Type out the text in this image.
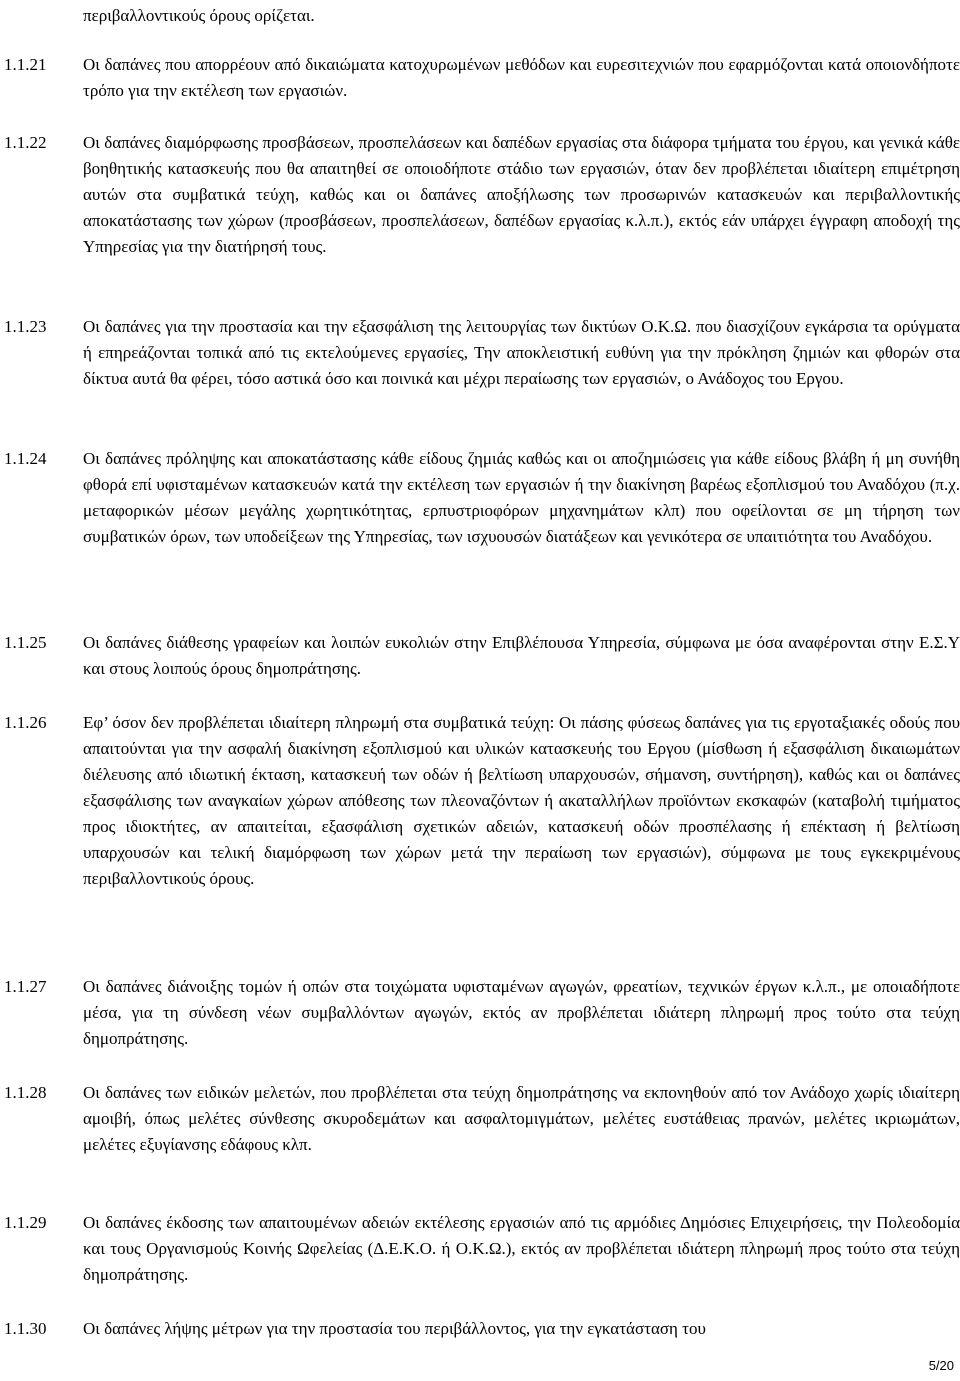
περιβαλλοντικούς όρους ορίζεται.
1.1.21	Οι δαπάνες που απορρέουν από δικαιώματα κατοχυρωμένων μεθόδων και ευρεσιτεχνιών που εφαρμόζονται κατά οποιονδήποτε τρόπο για την εκτέλεση των εργασιών.
1.1.22	Οι δαπάνες διαμόρφωσης προσβάσεων, προσπελάσεων και δαπέδων εργασίας στα διάφορα τμήματα του έργου, και γενικά κάθε βοηθητικής κατασκευής που θα απαιτηθεί σε οποιοδήποτε στάδιο των εργασιών, όταν δεν προβλέπεται ιδιαίτερη επιμέτρηση αυτών στα συμβατικά τεύχη, καθώς και οι δαπάνες αποξήλωσης των προσωρινών κατασκευών και περιβαλλοντικής αποκατάστασης των χώρων (προσβάσεων, προσπελάσεων, δαπέδων εργασίας κ.λ.π.), εκτός εάν υπάρχει έγγραφη αποδοχή της Υπηρεσίας για την διατήρησή τους.
1.1.23	Οι δαπάνες για την προστασία και την εξασφάλιση της λειτουργίας των δικτύων Ο.Κ.Ω. που διασχίζουν εγκάρσια τα ορύγματα ή επηρεάζονται τοπικά από τις εκτελούμενες εργασίες, Την αποκλειστική ευθύνη για την πρόκληση ζημιών και φθορών στα δίκτυα αυτά θα φέρει, τόσο αστικά όσο και ποινικά και μέχρι περαίωσης των εργασιών, ο Ανάδοχος του Εργου.
1.1.24	Οι δαπάνες πρόληψης και αποκατάστασης κάθε είδους ζημιάς καθώς και οι αποζημιώσεις για κάθε είδους βλάβη ή μη συνήθη φθορά επί υφισταμένων κατασκευών κατά την εκτέλεση των εργασιών ή την διακίνηση βαρέως εξοπλισμού του Αναδόχου (π.χ. μεταφορικών μέσων μεγάλης χωρητικότητας, ερπυστριοφόρων μηχανημάτων κλπ) που οφείλονται σε μη τήρηση των συμβατικών όρων, των υποδείξεων της Υπηρεσίας, των ισχυουσών διατάξεων και γενικότερα σε υπαιτιότητα του Αναδόχου.
1.1.25	Οι δαπάνες διάθεσης γραφείων και λοιπών ευκολιών στην Επιβλέπουσα Υπηρεσία, σύμφωνα με όσα αναφέρονται στην Ε.Σ.Υ και στους λοιπούς όρους δημοπράτησης.
1.1.26	Εφ’ όσον δεν προβλέπεται ιδιαίτερη πληρωμή στα συμβατικά τεύχη: Οι πάσης φύσεως δαπάνες για τις εργοταξιακές οδούς που απαιτούνται για την ασφαλή διακίνηση εξοπλισμού και υλικών κατασκευής του Εργου (μίσθωση ή εξασφάλιση δικαιωμάτων διέλευσης από ιδιωτική έκταση, κατασκευή των οδών ή βελτίωση υπαρχουσών, σήμανση, συντήρηση), καθώς και οι δαπάνες εξασφάλισης των αναγκαίων χώρων απόθεσης των πλεοναζόντων ή ακαταλλήλων προϊόντων εκσκαφών (καταβολή τιμήματος προς ιδιοκτήτες, αν απαιτείται, εξασφάλιση σχετικών αδειών, κατασκευή οδών προσπέλασης ή επέκταση ή βελτίωση υπαρχουσών και τελική διαμόρφωση των χώρων μετά την περαίωση των εργασιών), σύμφωνα με τους εγκεκριμένους περιβαλλοντικούς όρους.
1.1.27	Οι δαπάνες διάνοιξης τομών ή οπών στα τοιχώματα υφισταμένων αγωγών, φρεατίων, τεχνικών έργων κ.λ.π., με οποιαδήποτε μέσα, για τη σύνδεση νέων συμβαλλόντων αγωγών, εκτός αν προβλέπεται ιδιάτερη πληρωμή προς τούτο στα τεύχη δημοπράτησης.
1.1.28	Οι δαπάνες των ειδικών μελετών, που προβλέπεται στα τεύχη δημοπράτησης να εκπονηθούν από τον Ανάδοχο χωρίς ιδιαίτερη αμοιβή, όπως μελέτες σύνθεσης σκυροδεμάτων και ασφαλτομιγμάτων, μελέτες ευστάθειας πρανών, μελέτες ικριωμάτων, μελέτες εξυγίανσης εδάφους κλπ.
1.1.29	Οι δαπάνες έκδοσης των απαιτουμένων αδειών εκτέλεσης εργασιών από τις αρμόδιες Δημόσιες Επιχειρήσεις, την Πολεοδομία και τους Οργανισμούς Κοινής Ωφελείας (Δ.Ε.Κ.Ο. ή Ο.Κ.Ω.), εκτός αν προβλέπεται ιδιάτερη πληρωμή προς τούτο στα τεύχη δημοπράτησης.
1.1.30	Οι δαπάνες λήψης μέτρων για την προστασία του περιβάλλοντος, για την εγκατάσταση του
5/20
